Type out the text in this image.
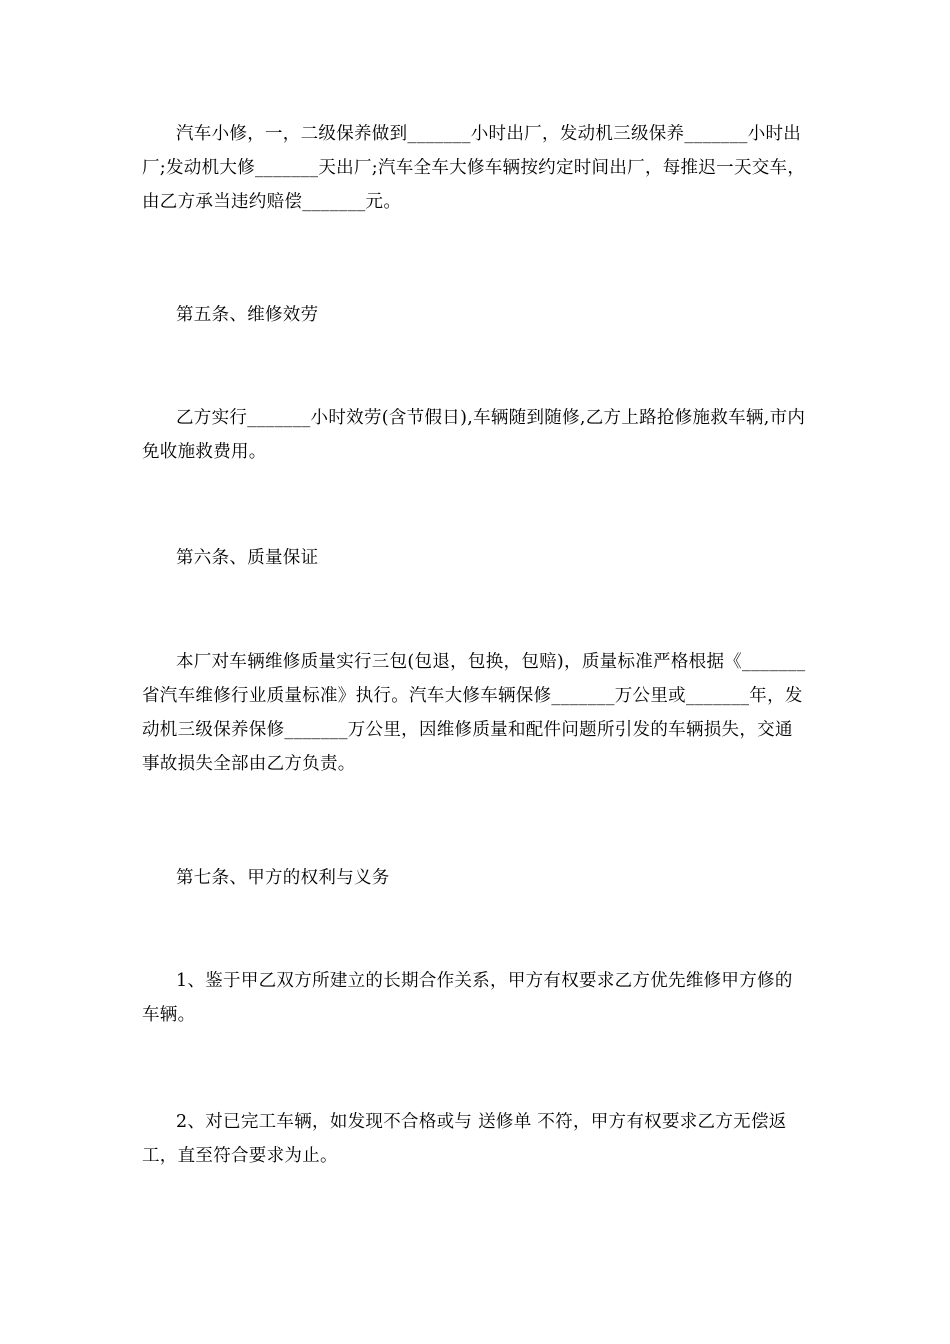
汽车小修，一，二级保养做到_______小时出厂，发动机三级保养_______小时出厂;发动机大修_______天出厂;汽车全车大修车辆按约定时间出厂，每推迟一天交车，由乙方承当违约赔偿_______元。

第五条、维修效劳

乙方实行_______小时效劳(含节假日),车辆随到随修,乙方上路抢修施救车辆,市内免收施救费用。

第六条、质量保证

本厂对车辆维修质量实行三包(包退，包换，包赔)，质量标准严格根据《_______省汽车维修行业质量标准》执行。汽车大修车辆保修_______万公里或_______年，发动机三级保养保修_______万公里，因维修质量和配件问题所引发的车辆损失，交通事故损失全部由乙方负责。

第七条、甲方的权利与义务

1、鉴于甲乙双方所建立的长期合作关系，甲方有权要求乙方优先维修甲方修的车辆。

2、对已完工车辆，如发现不合格或与 送修单 不符，甲方有权要求乙方无偿返工，直至符合要求为止。
